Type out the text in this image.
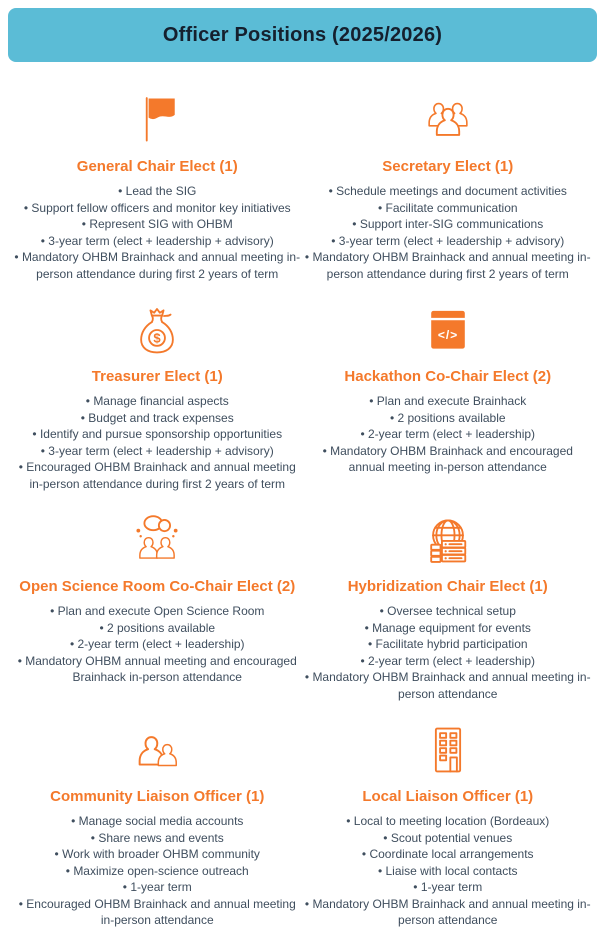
Officer Positions (2025/2026)
General Chair Elect (1)
• Lead the SIG
• Support fellow officers and monitor key initiatives
• Represent SIG with OHBM
• 3-year term (elect + leadership + advisory)
• Mandatory OHBM Brainhack and annual meeting in-person attendance during first 2 years of term
Secretary Elect (1)
• Schedule meetings and document activities
• Facilitate communication
• Support inter-SIG communications
• 3-year term (elect + leadership + advisory)
• Mandatory OHBM Brainhack and annual meeting in-person attendance during first 2 years of term
$
Treasurer Elect (1)
• Manage financial aspects
• Budget and track expenses
• Identify and pursue sponsorship opportunities
• 3-year term (elect + leadership + advisory)
• Encouraged OHBM Brainhack and annual meeting in-person attendance during first 2 years of term
</>
Hackathon Co-Chair Elect (2)
• Plan and execute Brainhack
• 2 positions available
• 2-year term (elect + leadership)
• Mandatory OHBM Brainhack and encouraged annual meeting in-person attendance
Open Science Room Co-Chair Elect (2)
• Plan and execute Open Science Room
• 2 positions available
• 2-year term (elect + leadership)
• Mandatory OHBM annual meeting and encouraged Brainhack in-person attendance
Hybridization Chair Elect (1)
• Oversee technical setup
• Manage equipment for events
• Facilitate hybrid participation
• 2-year term (elect + leadership)
• Mandatory OHBM Brainhack and annual meeting in-person attendance
Community Liaison Officer (1)
• Manage social media accounts
• Share news and events
• Work with broader OHBM community
• Maximize open-science outreach
• 1-year term
• Encouraged OHBM Brainhack and annual meeting in-person attendance
Local Liaison Officer (1)
• Local to meeting location (Bordeaux)
• Scout potential venues
• Coordinate local arrangements
• Liaise with local contacts
• 1-year term
• Mandatory OHBM Brainhack and annual meeting in-person attendance
